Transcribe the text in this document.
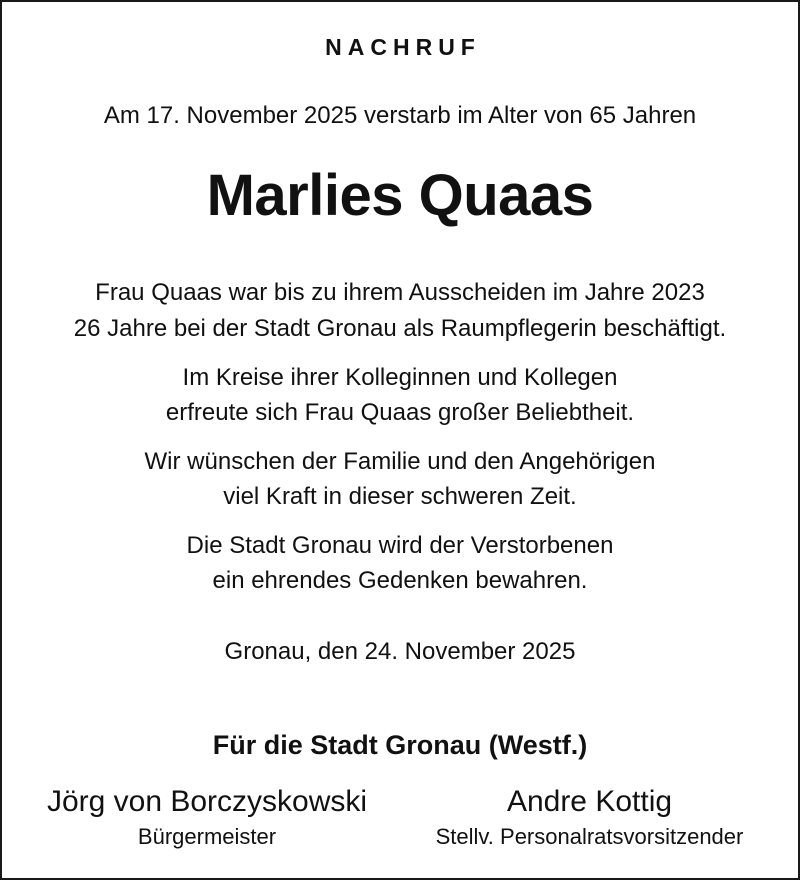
NACHRUF
Am 17. November 2025 verstarb im Alter von 65 Jahren
Marlies Quaas
Frau Quaas war bis zu ihrem Ausscheiden im Jahre 2023
26 Jahre bei der Stadt Gronau als Raumpflegerin beschäftigt.
Im Kreise ihrer Kolleginnen und Kollegen
erfreute sich Frau Quaas großer Beliebtheit.
Wir wünschen der Familie und den Angehörigen
viel Kraft in dieser schweren Zeit.
Die Stadt Gronau wird der Verstorbenen
ein ehrendes Gedenken bewahren.
Gronau, den 24. November 2025
Für die Stadt Gronau (Westf.)
Jörg von Borczyskowski
Bürgermeister
Andre Kottig
Stellv. Personalratsvorsitzender
